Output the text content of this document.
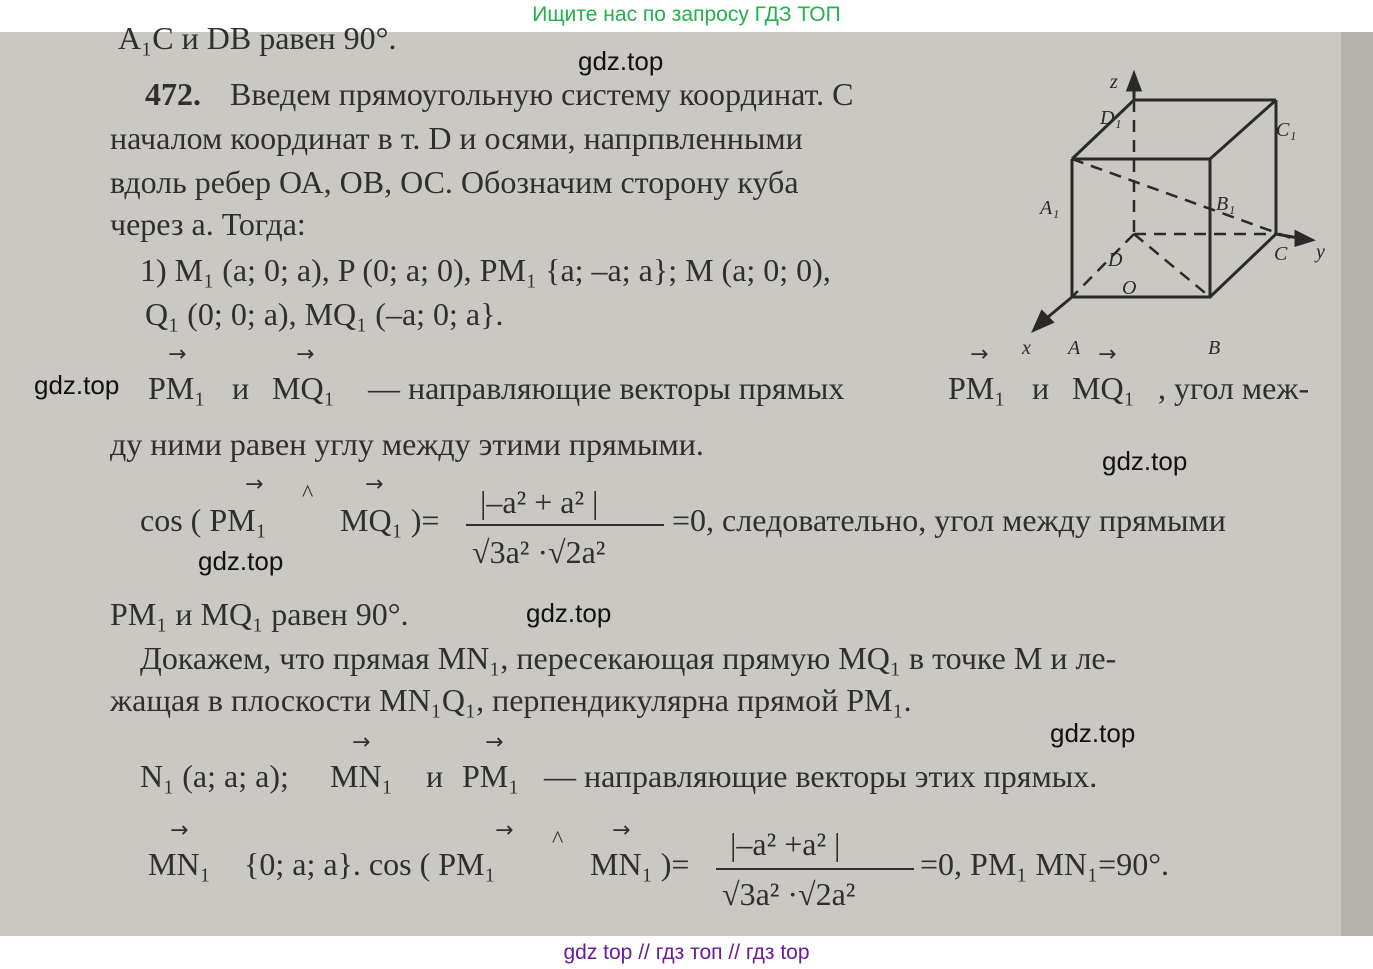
Ищите нас по запросу ГДЗ ТОП
A₁C и DB равен 90°.
472. Введем прямоугольную систему координат. С
началом координат в т. D и осями, напрпвленными
вдоль ребер ОА, ОВ, ОС. Обозначим сторону куба
через а. Тогда:
1) M₁ (a; 0; a), P (0; a; 0), PM₁ {a; –a; a}; M (a; 0; 0),
Q₁ (0; 0; a), MQ₁ (–a; 0; a}.
→
PM₁ и
→
MQ₁ — направляющие векторы прямых
→
PM₁ и
→
MQ₁ , угол меж-
ду ними равен углу между этими прямыми.
→
cos ( PM₁
^ →
MQ₁ )= |–a² + a² |
√3a² ·√2a²
=0, следовательно, угол между прямыми
PM₁ и MQ₁ равен 90°.
Докажем, что прямая MN₁, пересекающая прямую MQ₁ в точке М и ле-
жащая в плоскости MN₁Q₁, перпендикулярна прямой PM₁.
N₁ (a; a; a);
→
MN₁ и
→
PM₁ — направляющие векторы этих прямых.
→
MN₁ {0; a; a}. cos ( PM₁
→ ^ →
MN₁ )=
|–a² +a² |
√3a² ·√2a²
=0, PM₁ MN₁=90°.
z
y
x
D₁
C₁
A₁	B₁
D
O
C
A	B
gdz.top
gdz.top
gdz.top
gdz.top
gdz.top
gdz.top
gdz top // гдз топ // гдз top
